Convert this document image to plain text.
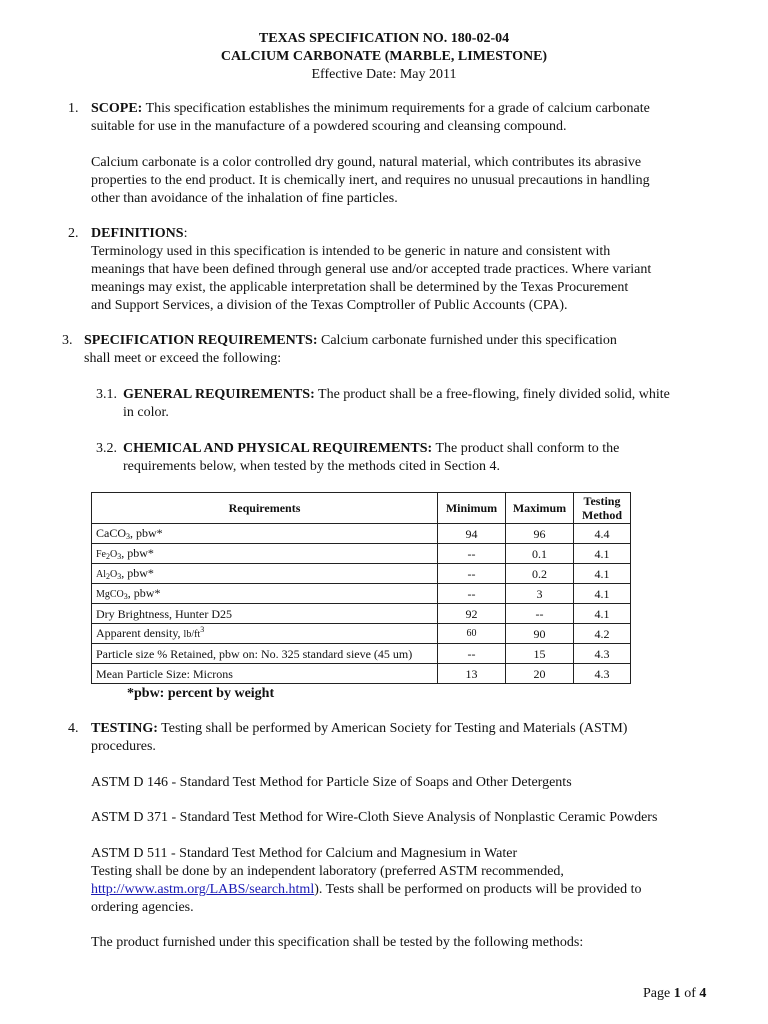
TEXAS SPECIFICATION NO. 180-02-04
CALCIUM CARBONATE (MARBLE, LIMESTONE)
Effective Date: May 2011
1. SCOPE: This specification establishes the minimum requirements for a grade of calcium carbonate
suitable for use in the manufacture of a powdered scouring and cleansing compound.
Calcium carbonate is a color controlled dry gound, natural material, which contributes its abrasive
properties to the end product. It is chemically inert, and requires no unusual precautions in handling
other than avoidance of the inhalation of fine particles.
2. DEFINITIONS:
Terminology used in this specification is intended to be generic in nature and consistent with
meanings that have been defined through general use and/or accepted trade practices. Where variant
meanings may exist, the applicable interpretation shall be determined by the Texas Procurement
and Support Services, a division of the Texas Comptroller of Public Accounts (CPA).
3. SPECIFICATION REQUIREMENTS: Calcium carbonate furnished under this specification
shall meet or exceed the following:
3.1. GENERAL REQUIREMENTS: The product shall be a free-flowing, finely divided solid, white
in color.
3.2. CHEMICAL AND PHYSICAL REQUIREMENTS: The product shall conform to the
requirements below, when tested by the methods cited in Section 4.
Requirements	Minimum	Maximum	Testing
Method
CaCO3, pbw*	94	96	4.4
Fe2O3, pbw*	--	0.1	4.1
Al2O3, pbw*	--	0.2	4.1
MgCO3, pbw*	--	3	4.1
Dry Brightness, Hunter D25	92	--	4.1
Apparent density, $lb/ft^3$	60	90	4.2
Particle size % Retained, pbw on: No. 325 standard sieve (45 um)	--	15	4.3
Mean Particle Size: Microns	13	20	4.3
*pbw: percent by weight
4. TESTING: Testing shall be performed by American Society for Testing and Materials (ASTM)
procedures.
ASTM D 146 - Standard Test Method for Particle Size of Soaps and Other Detergents
ASTM D 371 - Standard Test Method for Wire-Cloth Sieve Analysis of Nonplastic Ceramic Powders
ASTM D 511 - Standard Test Method for Calcium and Magnesium in Water
Testing shall be done by an independent laboratory (preferred ASTM recommended,
http://www.astm.org/LABS/search.html). Tests shall be performed on products will be provided to
ordering agencies.
The product furnished under this specification shall be tested by the following methods:
Page 1 of 4
